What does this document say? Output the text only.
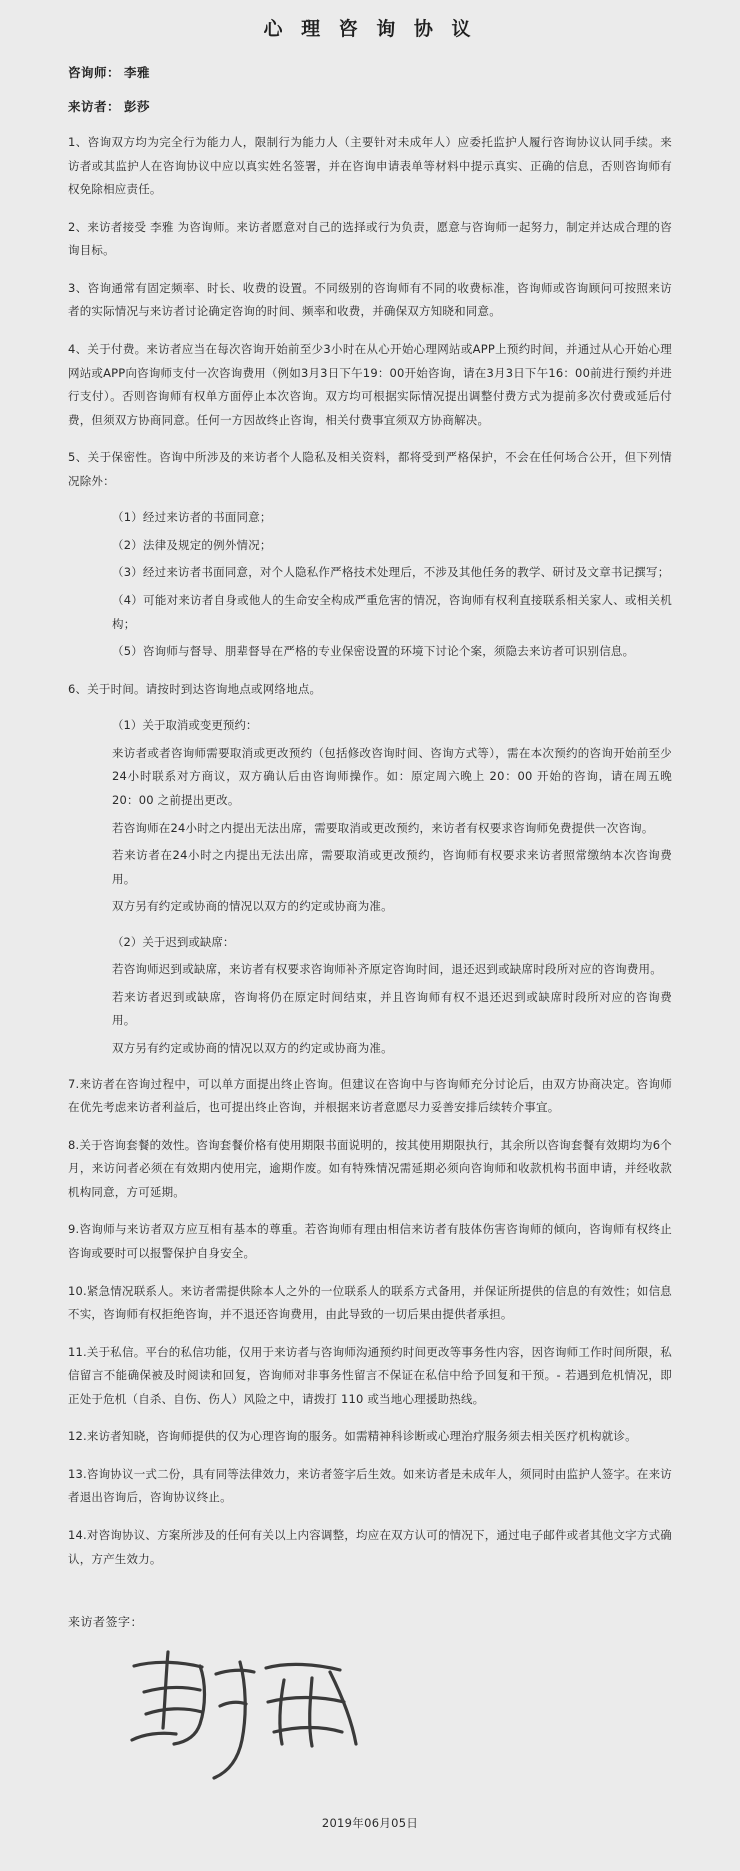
心 理 咨 询 协 议
咨询师： 李雅
来访者： 彭莎

1、咨询双方均为完全行为能力人，限制行为能力人（主要针对未成年人）应委托监护人履行咨询协议认同手续。来访者或其监护人在咨询协议中应以真实姓名签署，并在咨询申请表单等材料中提示真实、正确的信息，否则咨询师有权免除相应责任。

2、来访者接受 李雅 为咨询师。来访者愿意对自己的选择或行为负责，愿意与咨询师一起努力，制定并达成合理的咨询目标。

3、咨询通常有固定频率、时长、收费的设置。不同级别的咨询师有不同的收费标准，咨询师或咨询顾问可按照来访者的实际情况与来访者讨论确定咨询的时间、频率和收费，并确保双方知晓和同意。

4、关于付费。来访者应当在每次咨询开始前至少3小时在从心开始心理网站或APP上预约时间，并通过从心开始心理网站或APP向咨询师支付一次咨询费用（例如3月3日下午19：00开始咨询，请在3月3日下午16：00前进行预约并进行支付）。否则咨询师有权单方面停止本次咨询。双方均可根据实际情况提出调整付费方式为提前多次付费或延后付费，但须双方协商同意。任何一方因故终止咨询，相关付费事宜须双方协商解决。

5、关于保密性。咨询中所涉及的来访者个人隐私及相关资料，都将受到严格保护，不会在任何场合公开，但下列情况除外：

（1）经过来访者的书面同意；

（2）法律及规定的例外情况；

（3）经过来访者书面同意，对个人隐私作严格技术处理后，不涉及其他任务的教学、研讨及文章书记撰写；

（4）可能对来访者自身或他人的生命安全构成严重危害的情况，咨询师有权利直接联系相关家人、或相关机构；

（5）咨询师与督导、朋辈督导在严格的专业保密设置的环境下讨论个案，须隐去来访者可识别信息。

6、关于时间。请按时到达咨询地点或网络地点。

（1）关于取消或变更预约：

来访者或者咨询师需要取消或更改预约（包括修改咨询时间、咨询方式等），需在本次预约的咨询开始前至少24小时联系对方商议，双方确认后由咨询师操作。如：原定周六晚上 20：00 开始的咨询，请在周五晚 20：00 之前提出更改。

若咨询师在24小时之内提出无法出席，需要取消或更改预约，来访者有权要求咨询师免费提供一次咨询。

若来访者在24小时之内提出无法出席，需要取消或更改预约，咨询师有权要求来访者照常缴纳本次咨询费用。

双方另有约定或协商的情况以双方的约定或协商为准。

（2）关于迟到或缺席：

若咨询师迟到或缺席，来访者有权要求咨询师补齐原定咨询时间，退还迟到或缺席时段所对应的咨询费用。

若来访者迟到或缺席，咨询将仍在原定时间结束，并且咨询师有权不退还迟到或缺席时段所对应的咨询费用。

双方另有约定或协商的情况以双方的约定或协商为准。

7.来访者在咨询过程中，可以单方面提出终止咨询。但建议在咨询中与咨询师充分讨论后，由双方协商决定。咨询师在优先考虑来访者利益后，也可提出终止咨询，并根据来访者意愿尽力妥善安排后续转介事宜。

8.关于咨询套餐的效性。咨询套餐价格有使用期限书面说明的，按其使用期限执行，其余所以咨询套餐有效期均为6个月，来访问者必须在有效期内使用完，逾期作废。如有特殊情况需延期必须向咨询师和收款机构书面申请，并经收款机构同意，方可延期。

9.咨询师与来访者双方应互相有基本的尊重。若咨询师有理由相信来访者有肢体伤害咨询师的倾向，咨询师有权终止咨询或要时可以报警保护自身安全。

10.紧急情况联系人。来访者需提供除本人之外的一位联系人的联系方式备用，并保证所提供的信息的有效性；如信息不实，咨询师有权拒绝咨询，并不退还咨询费用，由此导致的一切后果由提供者承担。

11.关于私信。平台的私信功能，仅用于来访者与咨询师沟通预约时间更改等事务性内容，因咨询师工作时间所限，私信留言不能确保被及时阅读和回复，咨询师对非事务性留言不保证在私信中给予回复和干预。- 若遇到危机情况，即正处于危机（自杀、自伤、伤人）风险之中，请拨打 110 或当地心理援助热线。

12.来访者知晓，咨询师提供的仅为心理咨询的服务。如需精神科诊断或心理治疗服务须去相关医疗机构就诊。

13.咨询协议一式二份，具有同等法律效力，来访者签字后生效。如来访者是未成年人，须同时由监护人签字。在来访者退出咨询后，咨询协议终止。

14.对咨询协议、方案所涉及的任何有关以上内容调整，均应在双方认可的情况下，通过电子邮件或者其他文字方式确认，方产生效力。

来访者签字：
2019年06月05日
